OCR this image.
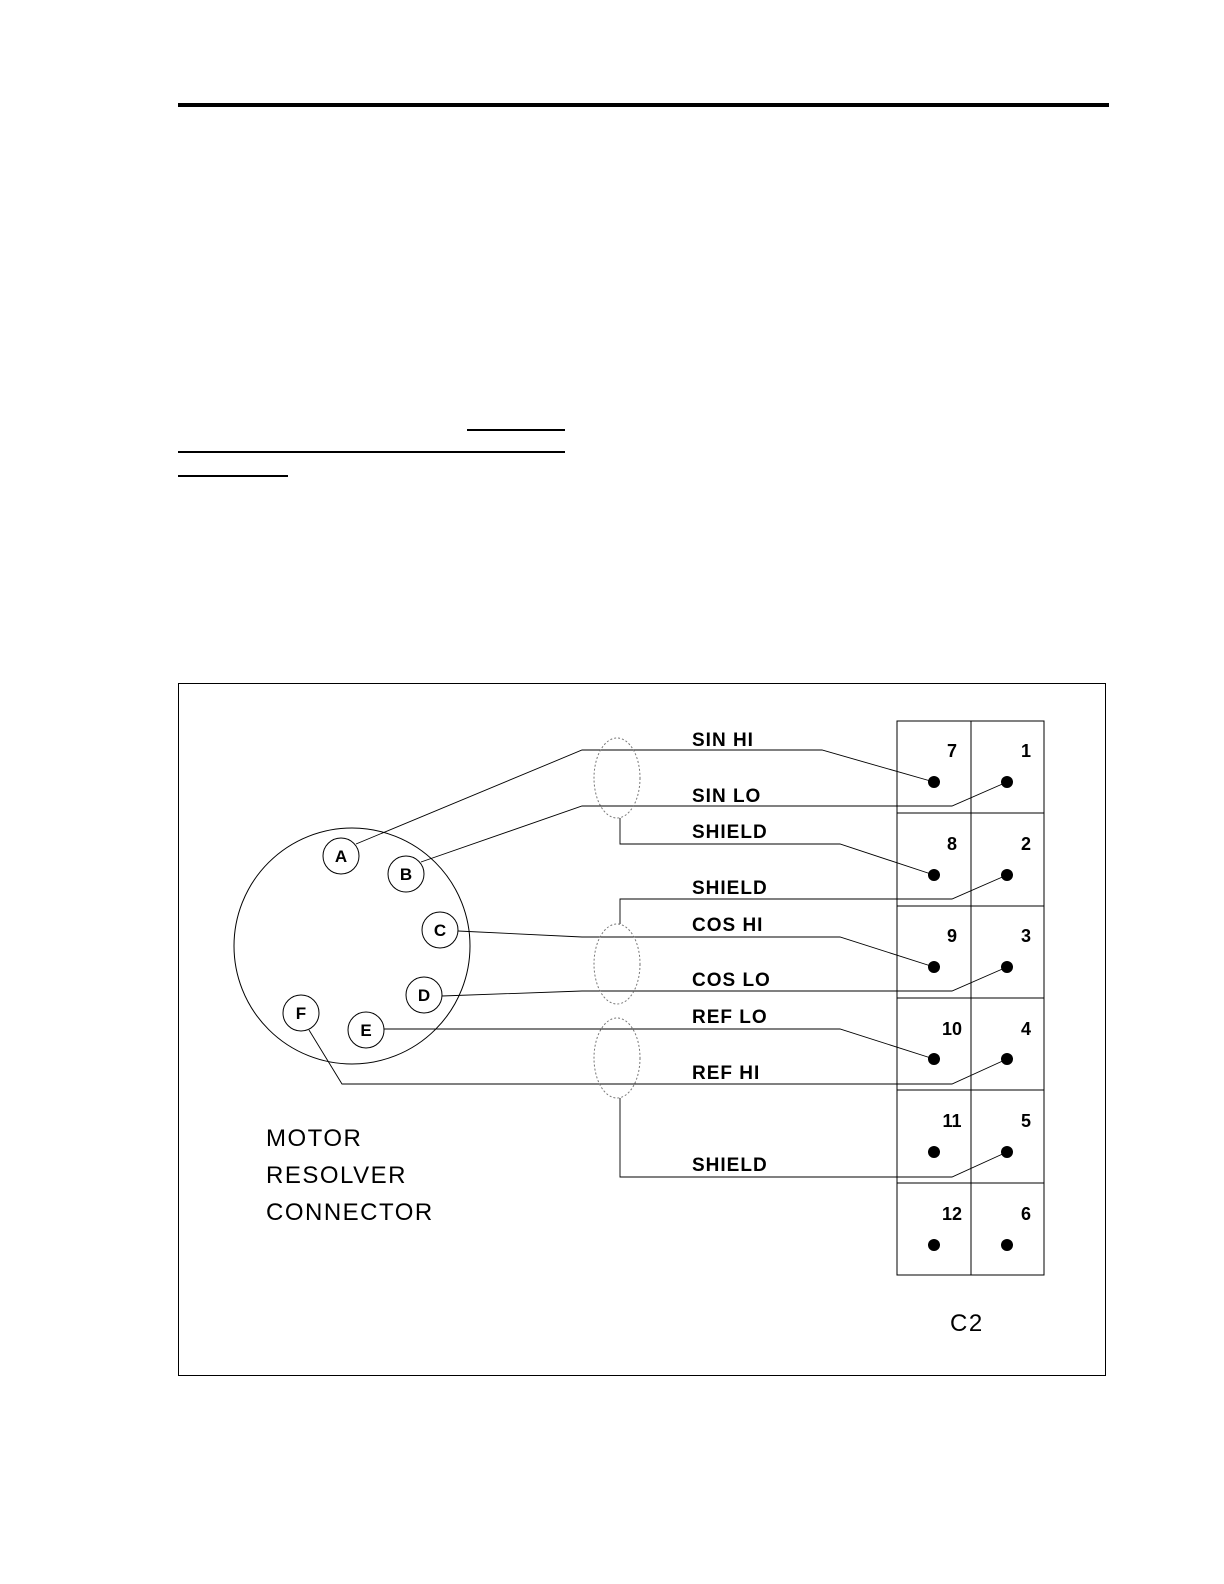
A
B
C
D
E
F
SIN HI
SIN LO
SHIELD
SHIELD
COS HI
COS LO
REF LO
REF HI
SHIELD
7
8
9
10
11
12
1
2
3
4
5
6
C2
MOTOR
RESOLVER
CONNECTOR
